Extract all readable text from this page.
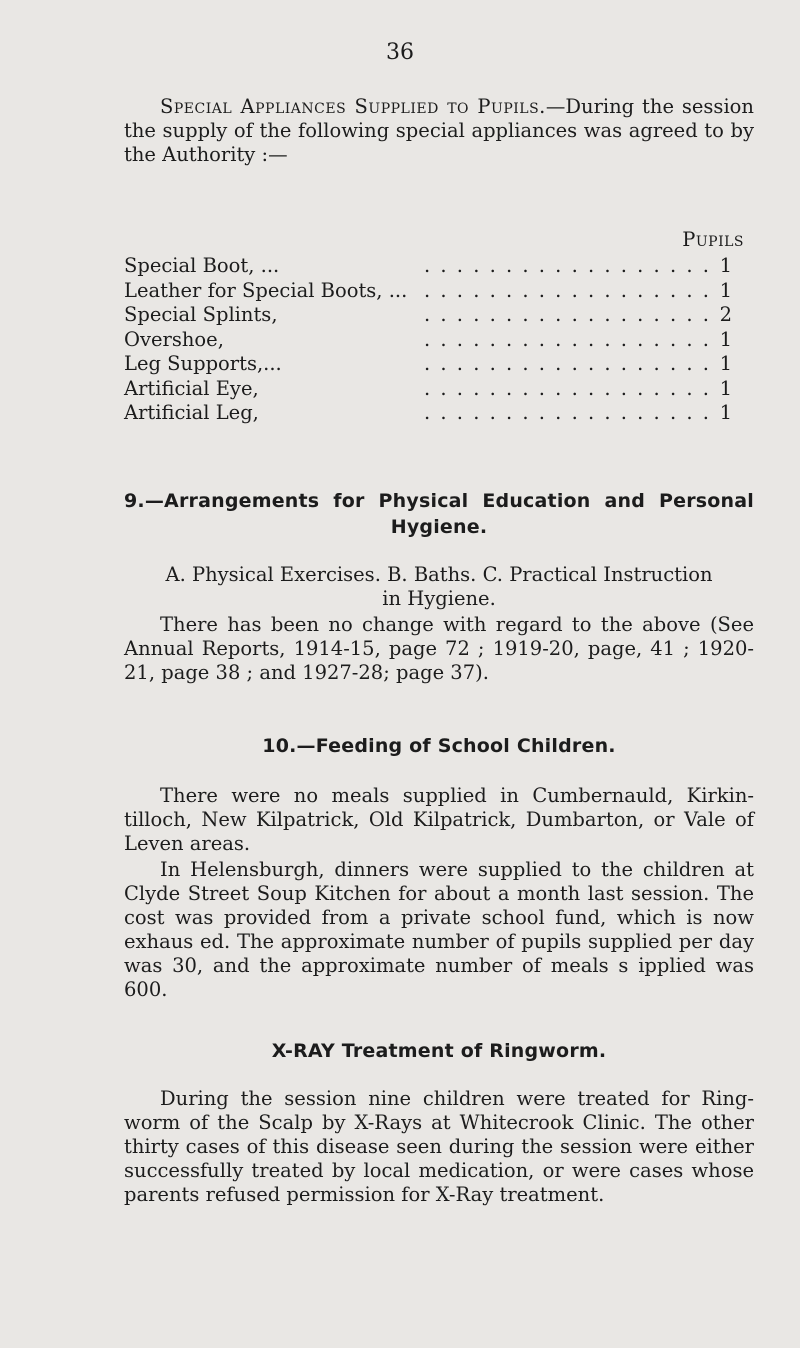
36

Special Appliances Supplied to Pupils.—During the session the supply of the following special appliances was agreed to by the Authority :—

Pupils
Special Boot, ...	. . . . . . . . . . . . . . . . . . 1
Leather for Special Boots, ... . . . . . . . . . . . . . . . . . . 1
Special Splints,	. . . . . . . . . . . . . . . . . . 2
Overshoe,	. . . . . . . . . . . . . . . . . . 1
Leg Supports,...	. . . . . . . . . . . . . . . . . . 1
Artificial Eye,	. . . . . . . . . . . . . . . . . . 1
Artificial Leg,	. . . . . . . . . . . . . . . . . . 1
9.—Arrangements for Physical Education and Personal
Hygiene.

A. Physical Exercises. B. Baths. C. Practical Instruction
in Hygiene.

There has been no change with regard to the above (See Annual Reports, 1914-15, page 72 ; 1919-20, page, 41 ; 1920-21, page 38 ; and 1927-28; page 37).

10.—Feeding of School Children.

There were no meals supplied in Cumbernauld, Kirkin-tilloch, New Kilpatrick, Old Kilpatrick, Dumbarton, or Vale of Leven areas.

In Helensburgh, dinners were supplied to the children at Clyde Street Soup Kitchen for about a month last session. The cost was provided from a private school fund, which is now exhaus ed. The approximate number of pupils supplied per day was 30, and the approximate number of meals s ipplied was 600.

X-RAY Treatment of Ringworm.

During the session nine children were treated for Ring-worm of the Scalp by X-Rays at Whitecrook Clinic. The other thirty cases of this disease seen during the session were either successfully treated by local medication, or were cases whose parents refused permission for X-Ray treatment.
